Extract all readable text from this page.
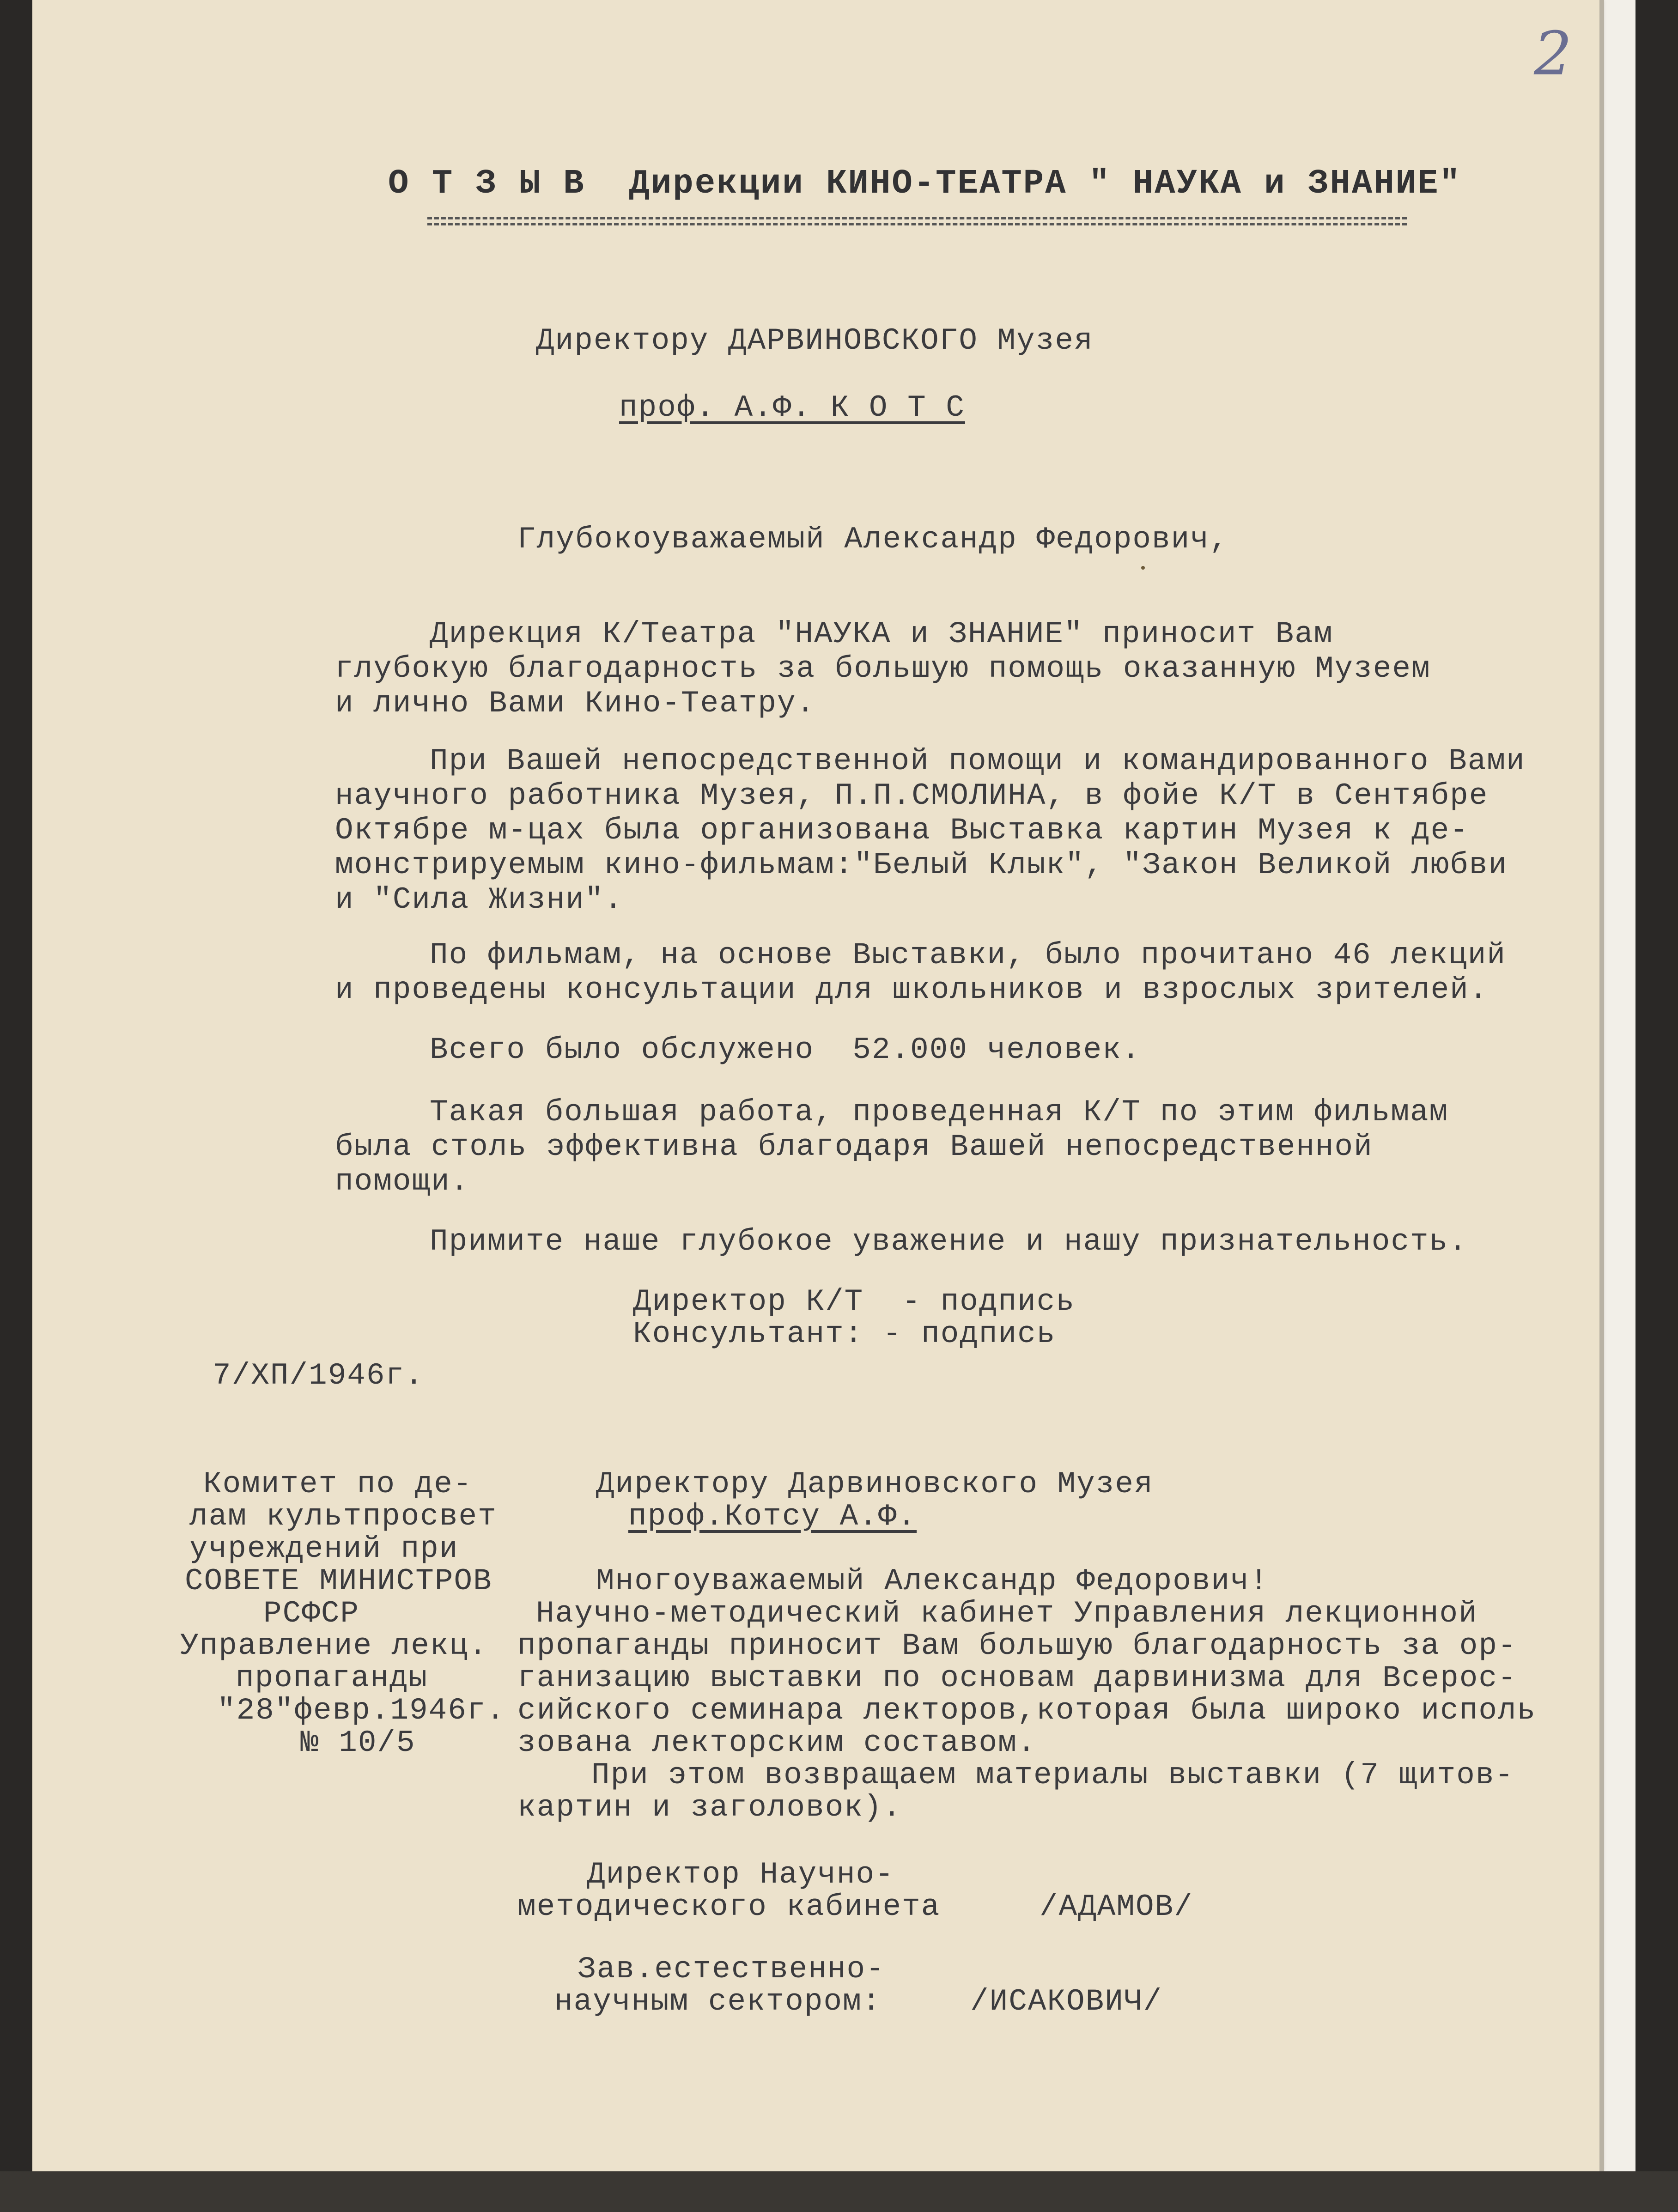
2
О Т З Ы В  Дирекции КИНО-ТЕАТРА " НАУКА и ЗНАНИЕ"
Директору ДАРВИНОВСКОГО Музея
проф. А.Ф. К О Т С
Глубокоуважаемый Александр Федорович,
Дирекция К/Театра "НАУКА и ЗНАНИЕ" приносит Вам
глубокую благодарность за большую помощь оказанную Музеем
и лично Вами Кино-Театру.
При Вашей непосредственной помощи и командированного Вами
научного работника Музея, П.П.СМОЛИНА, в фойе К/Т в Сентябре
Октябре м-цах была организована Выставка картин Музея к де-
монстрируемым кино-фильмам:"Белый Клык", "Закон Великой любви
и "Сила Жизни".
По фильмам, на основе Выставки, было прочитано 46 лекций
и проведены консультации для школьников и взрослых зрителей.
Всего было обслужено  52.000 человек.
Такая большая работа, проведенная К/Т по этим фильмам
была столь эффективна благодаря Вашей непосредственной
помощи.
Примите наше глубокое уважение и нашу признательность.
Директор К/Т  - подпись
Консультант: - подпись
7/ХП/1946г.
Комитет по де-
лам культпросвет
учреждений при
СОВЕТЕ МИНИСТРОВ
РСФСР
Управление лекц.
пропаганды
"28"февр.1946г.
№ 10/5
Директору Дарвиновского Музея
проф.Котсу А.Ф.
Многоуважаемый Александр Федорович!
Научно-методический кабинет Управления лекционной
пропаганды приносит Вам большую благодарность за ор-
ганизацию выставки по основам дарвинизма для Всерос-
сийского семинара лекторов,которая была широко исполь
зована лекторским составом.
При этом возвращаем материалы выставки (7 щитов-
картин и заголовок).
Директор Научно-
методического кабинета	/АДАМОВ/
Зав.естественно-
научным сектором:	/ИСАКОВИЧ/
